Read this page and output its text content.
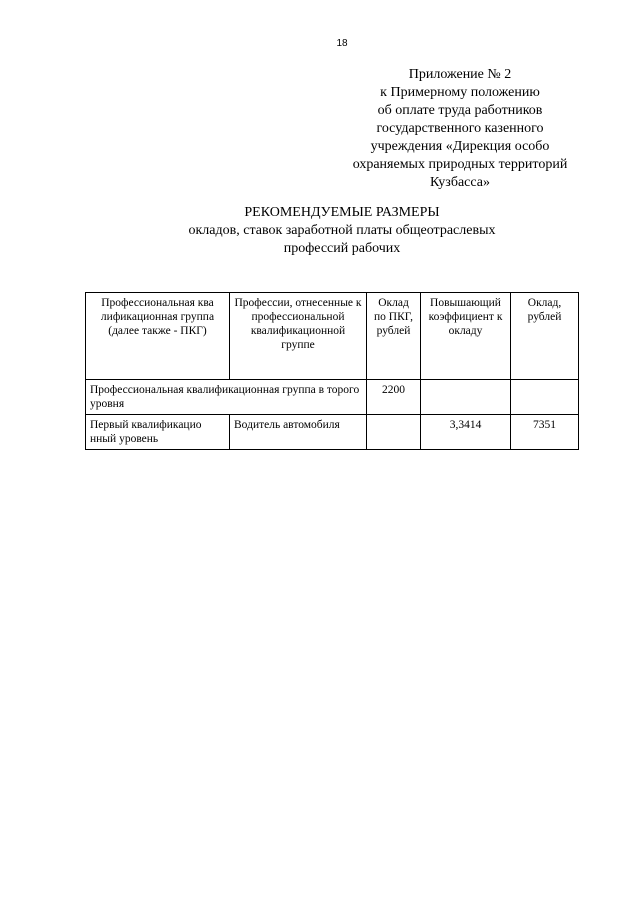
18
Приложение № 2
к Примерному положению
об оплате труда работников
государственного казенного
учреждения «Дирекция особо
охраняемых природных территорий
Кузбасса»
РЕКОМЕНДУЕМЫЕ РАЗМЕРЫ
окладов, ставок заработной платы общеотраслевых
профессий рабочих
Профессиональная ква лификационная группа (далее также - ПКГ)	Профессии, отнесенные к профессиональной квалификационной группе	Оклад по ПКГ, рублей	Повышающий коэффициент к окладу	Оклад, рублей
Профессиональная квалификационная группа в торого уровня		2200		
Первый квалификацио нный уровень	Водитель автомобиля		3,3414	7351
